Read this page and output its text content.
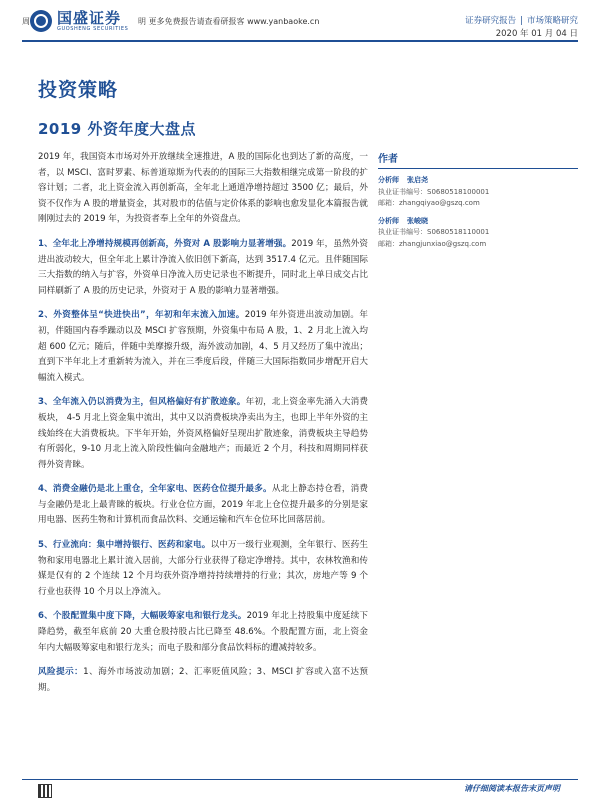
周 国盛证券
GUOSHENG SECURITIES
明 更多免费报告请查看研报客 www.yanbaoke.cn	证券研究报告 | 市场策略研究
2020 年 01 月 04 日
投资策略
2019 外资年度大盘点

2019 年，我国资本市场对外开放继续全速推进，A 股的国际化也到达了新的高度，一者，以 MSCI、富时罗素、标普道琼斯为代表的的国际三大指数相继完成第一阶段的扩容计划；二者，北上资金流入再创新高，全年北上通道净增持超过 3500 亿；最后，外资不仅作为 A 股的增量资金，其对股市的估值与定价体系的影响也愈发显化本篇报告就刚刚过去的 2019 年，为投资者奉上全年的外资盘点。

1、全年北上净增持规模再创新高，外资对 A 股影响力显著增强。2019 年，虽然外资进出波动较大，但全年北上累计净流入依旧创下新高，达到 3517.4 亿元。且伴随国际三大指数的纳入与扩容，外资单日净流入历史记录也不断提升，同时北上单日成交占比同样刷新了 A 股的历史记录，外资对于 A 股的影响力显著增强。

2、外资整体呈“快进快出”，年初和年末流入加速。2019 年外资进出波动加剧。年初，伴随国内春季躁动以及 MSCI 扩容预期，外资集中布局 A 股，1、2 月北上流入均超 600 亿元；随后，伴随中美摩擦升级，海外波动加剧，4、5 月又经历了集中流出；直到下半年北上才重新转为流入，并在三季度后段，伴随三大国际指数同步增配开启大幅流入模式。

3、全年流入仍以消费为主，但风格偏好有扩散迹象。年初，北上资金率先涌入大消费板块， 4-5 月北上资金集中流出，其中又以消费板块净卖出为主，也即上半年外资的主线始终在大消费板块。下半年开始，外资风格偏好呈现出扩散迹象，消费板块主导趋势有所弱化，9-10 月北上流入阶段性偏向金融地产；而最近 2 个月，科技和周期同样获得外资青睐。

4、消费金融仍是北上重仓，全年家电、医药仓位提升最多。从北上静态持仓看，消费与金融仍是北上最青睐的板块。行业仓位方面，2019 年北上仓位提升最多的分别是家用电器、医药生物和计算机而食品饮料、交通运输和汽车仓位环比回落居前。

5、行业流向：集中增持银行、医药和家电。以中万一级行业观测，全年银行、医药生物和家用电器北上累计流入居前，大部分行业获得了稳定净增持。其中，农林牧渔和传媒是仅有的 2 个连续 12 个月均获外资净增持持续增持的行业；其次，房地产等 9 个行业也获得 10 个月以上净流入。

6、个股配置集中度下降，大幅吸筹家电和银行龙头。2019 年北上持股集中度延续下降趋势，截至年底前 20 大重仓股持股占比已降至 48.6%。个股配置方面，北上资金年内大幅吸筹家电和银行龙头；而电子股和部分食品饮料标的遭减持较多。

风险提示：1、海外市场波动加剧；2、汇率贬值风险；3、MSCI 扩容或入富不达预期。

作者
分析师 张启尧
执业证书编号：S0680518100001
邮箱：zhangqiyao@gszq.com
分析师 张峻晓
执业证书编号：S0680518110001
邮箱：zhangjunxiao@gszq.com
请仔细阅读本报告末页声明
